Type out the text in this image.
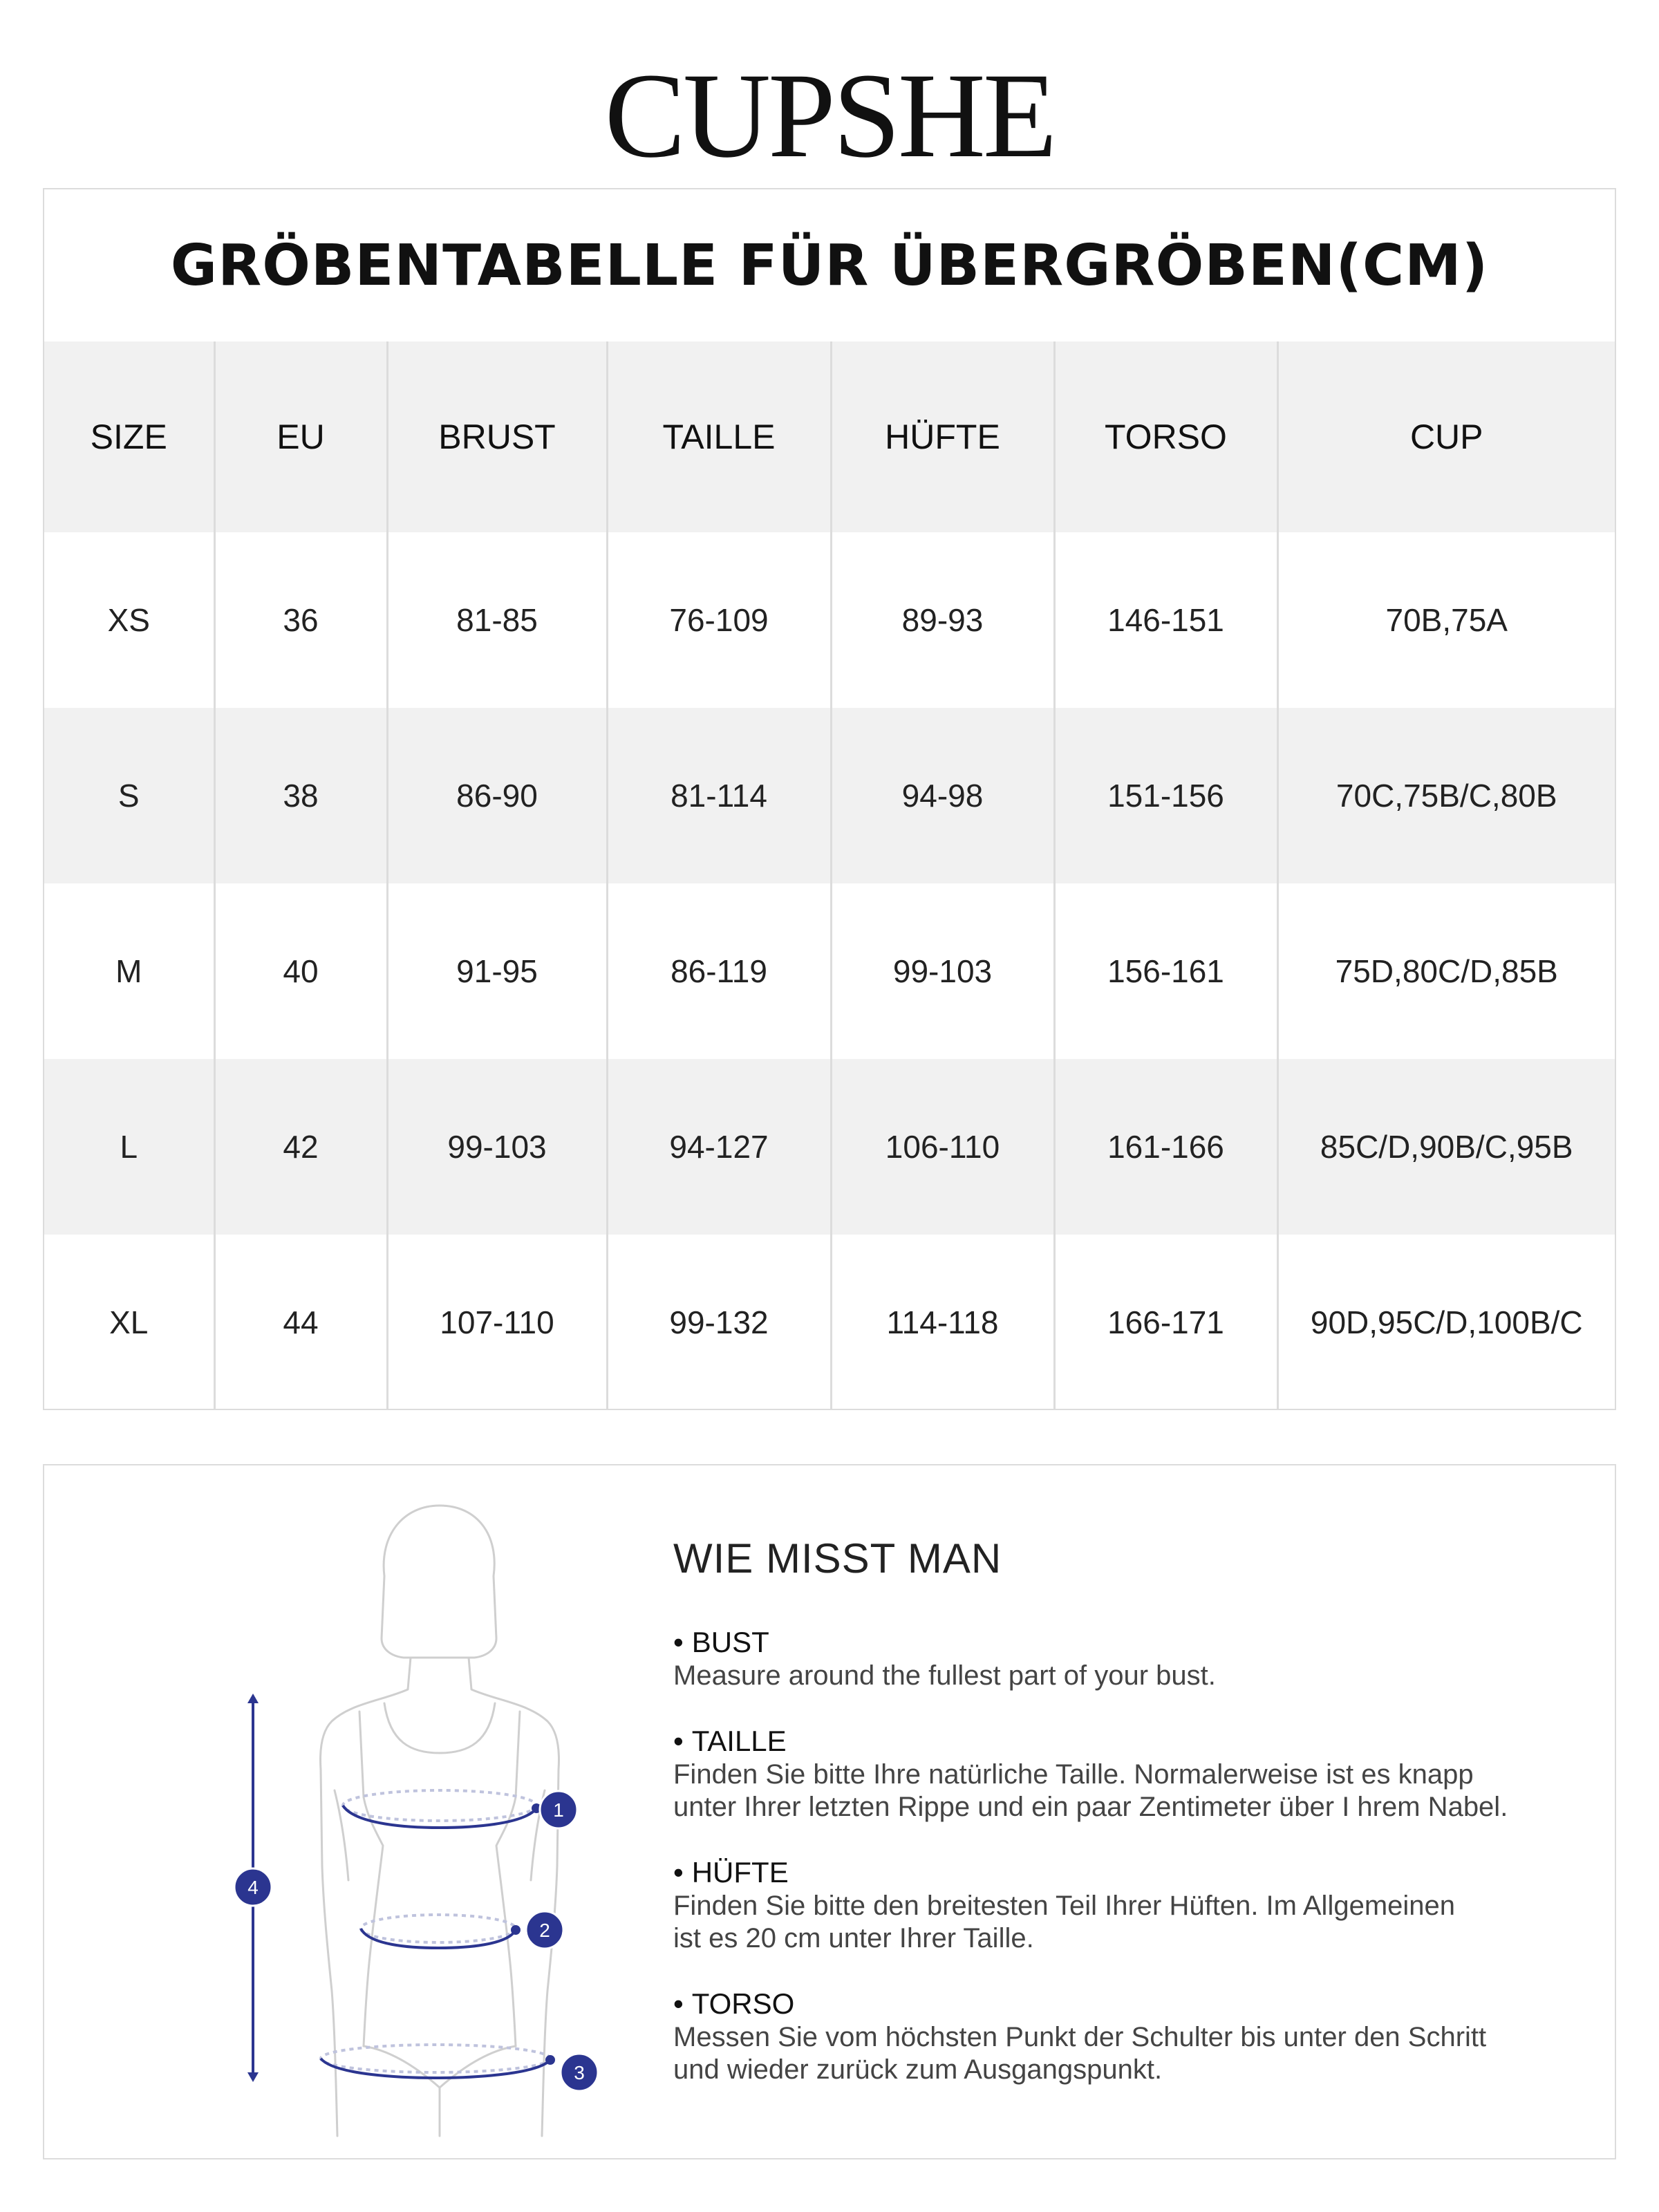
CUPSHE
GRÖBENTABELLE FÜR ÜBERGRÖBEN(CM)
SIZE	EU	BRUST	TAILLE	HÜFTE	TORSO	CUP
XS	36	81-85	76-109	89-93	146-151	70B,75A
S	38	86-90	81-114	94-98	151-156	70C,75B/C,80B
M	40	91-95	86-119	99-103	156-161	75D,80C/D,85B
L	42	99-103	94-127	106-110	161-166	85C/D,90B/C,95B
XL	44	107-110	99-132	114-118	166-171	90D,95C/D,100B/C
1
2
3
4
WIE MISST MAN
• BUST
Measure around the fullest part of your bust.
• TAILLE
Finden Sie bitte Ihre natürliche Taille. Normalerweise ist es knapp
unter Ihrer letzten Rippe und ein paar Zentimeter über I hrem Nabel.
• HÜFTE
Finden Sie bitte den breitesten Teil Ihrer Hüften. Im Allgemeinen
ist es 20 cm unter Ihrer Taille.
• TORSO
Messen Sie vom höchsten Punkt der Schulter bis unter den Schritt
und wieder zurück zum Ausgangspunkt.
